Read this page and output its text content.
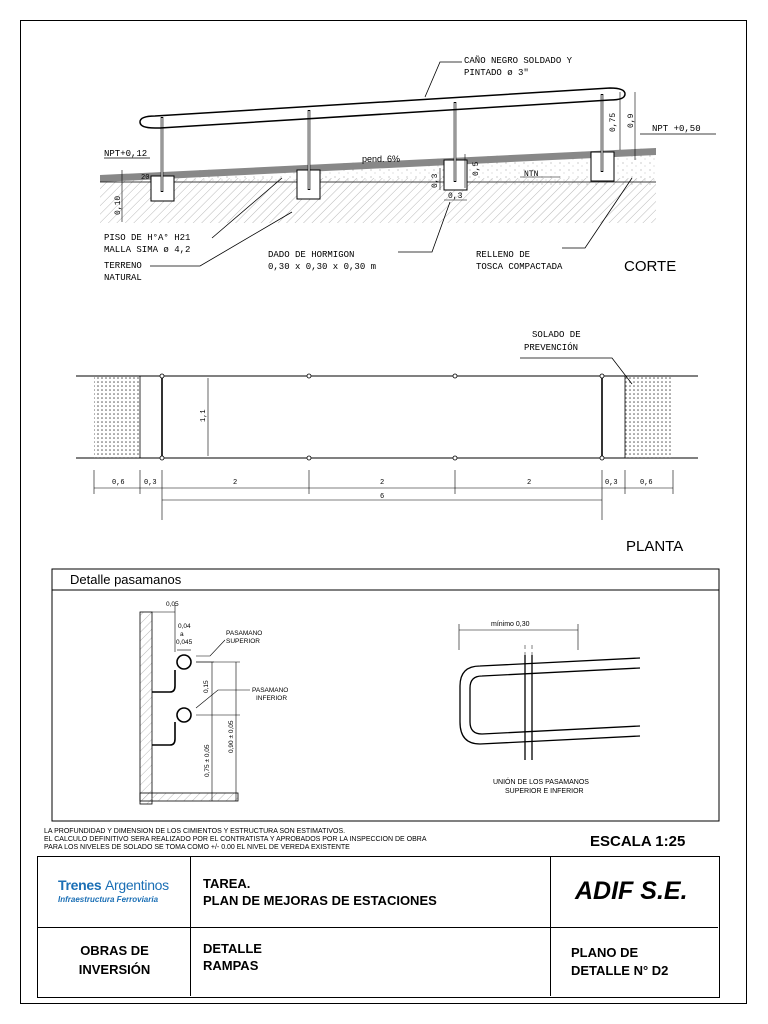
CAÑO NEGRO SOLDADO Y
PINTADO ø 3"
NPT+0,12
NPT +0,50
pend. 6%
NTN
0,75 0,9
0,10
20	0,3
0,5
0,3
PISO DE H°A° H21
MALLA SIMA ø 4,2
TERRENO
NATURAL
DADO DE HORMIGON
0,30 x 0,30 x 0,30 m
RELLENO DE
TOSCA COMPACTADA	CORTE
1,1
0,6	0,3	2	2	2	0,3	0,6
6
SOLADO DE
PREVENCIÓN
PLANTA
Detalle pasamanos
0,05
0,04
a
0,045
PASAMANO
SUPERIOR
PASAMANO
INFERIOR
0,15
0,90 ± 0,05
0,75 ± 0,05
mínimo 0,30
UNIÓN DE LOS PASAMANOS
SUPERIOR E INFERIOR
LA PROFUNDIDAD Y DIMENSION DE LOS CIMIENTOS Y ESTRUCTURA SON ESTIMATIVOS.
EL CALCULO DEFINITIVO SERA REALIZADO POR EL CONTRATISTA Y APROBADOS POR LA INSPECCION DE OBRA
PARA LOS NIVELES DE SOLADO SE TOMA COMO +/- 0.00 EL NIVEL DE VEREDA EXISTENTE	ESCALA 1:25
Trenes Argentinos
Infraestructura Ferroviaria
TAREA.
PLAN DE MEJORAS DE ESTACIONES	ADIF S.E.
OBRAS DE
INVERSIÓN
DETALLE
RAMPAS
PLANO DE
DETALLE N° D2
